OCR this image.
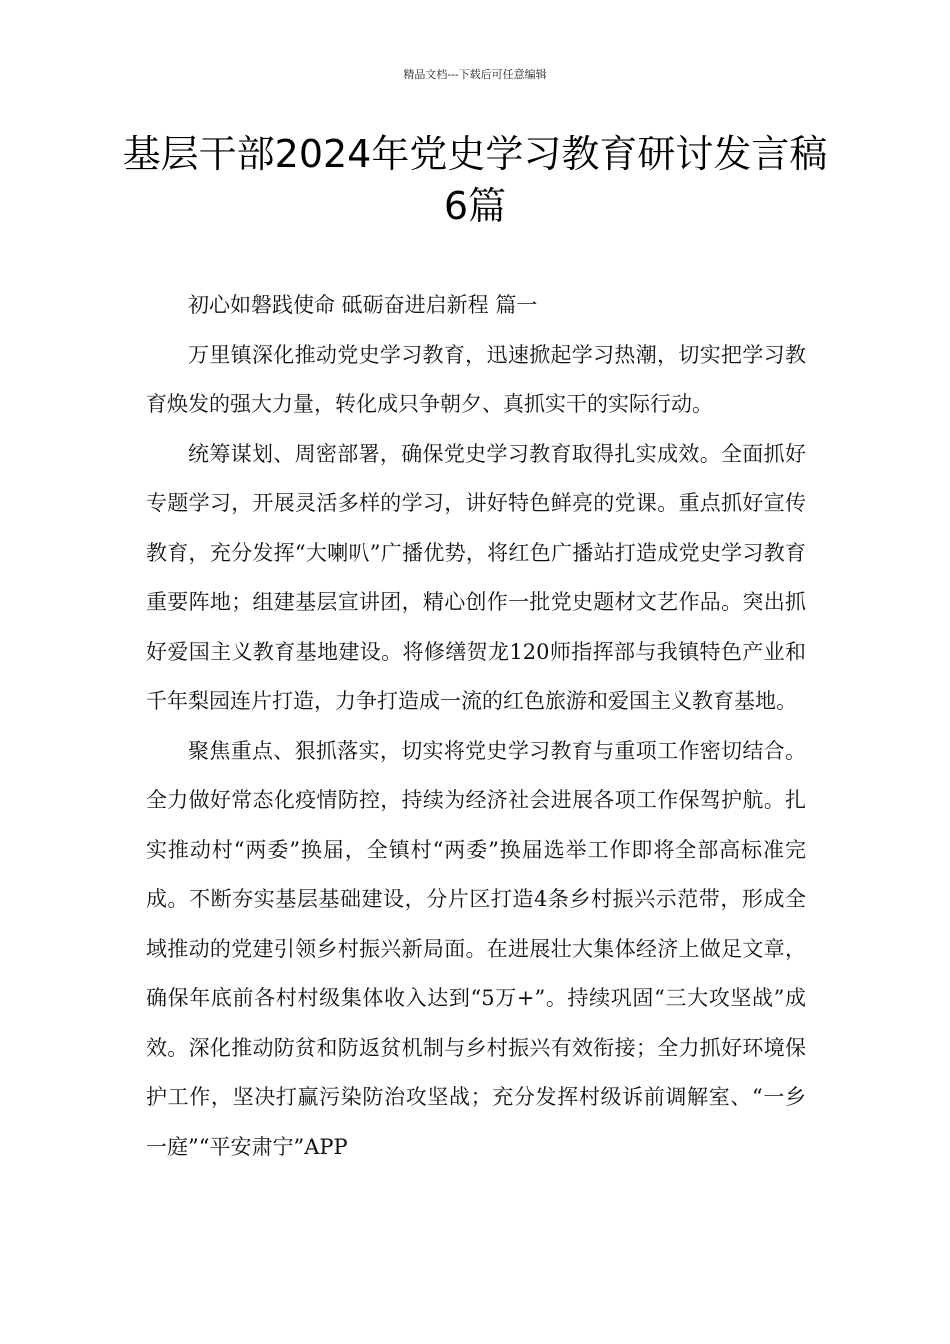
精品文档---下载后可任意编辑
基层干部2024年党史学习教育研讨发言稿6篇

初心如磐践使命 砥砺奋进启新程 篇一

万里镇深化推动党史学习教育，迅速掀起学习热潮，切实把学习教育焕发的强大力量，转化成只争朝夕、真抓实干的实际行动。

统筹谋划、周密部署，确保党史学习教育取得扎实成效。全面抓好专题学习，开展灵活多样的学习，讲好特色鲜亮的党课。重点抓好宣传教育，充分发挥“大喇叭”广播优势，将红色广播站打造成党史学习教育重要阵地；组建基层宣讲团，精心创作一批党史题材文艺作品。突出抓好爱国主义教育基地建设。将修缮贺龙120师指挥部与我镇特色产业和千年梨园连片打造，力争打造成一流的红色旅游和爱国主义教育基地。

聚焦重点、狠抓落实，切实将党史学习教育与重项工作密切结合。全力做好常态化疫情防控，持续为经济社会进展各项工作保驾护航。扎实推动村“两委”换届，全镇村“两委”换届选举工作即将全部高标准完成。不断夯实基层基础建设，分片区打造4条乡村振兴示范带，形成全域推动的党建引领乡村振兴新局面。在进展壮大集体经济上做足文章，确保年底前各村村级集体收入达到“5万+”。持续巩固“三大攻坚战”成效。深化推动防贫和防返贫机制与乡村振兴有效衔接；全力抓好环境保护工作，坚决打赢污染防治攻坚战；充分发挥村级诉前调解室、“一乡一庭”“平安肃宁”APP
